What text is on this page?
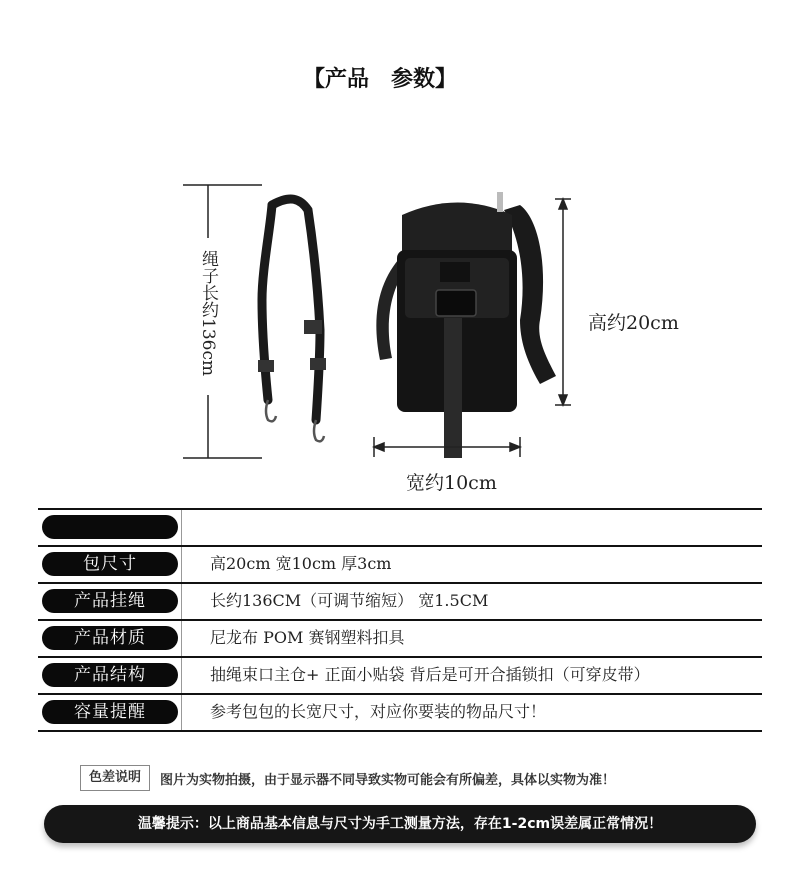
【产品 参数】
绳子长约136cm
宽约10cm
高约20cm
包尺寸	高20cm 宽10cm 厚3cm
产品挂绳	长约136CM（可调节缩短） 宽1.5CM
产品材质	尼龙布 POM 赛钢塑料扣具
产品结构	抽绳束口主仓+ 正面小贴袋 背后是可开合插锁扣（可穿皮带）
容量提醒	参考包包的长宽尺寸，对应你要装的物品尺寸！
色差说明 图片为实物拍摄，由于显示器不同导致实物可能会有所偏差，具体以实物为准！
温馨提示：以上商品基本信息与尺寸为手工测量方法，存在1-2cm误差属正常情况！
